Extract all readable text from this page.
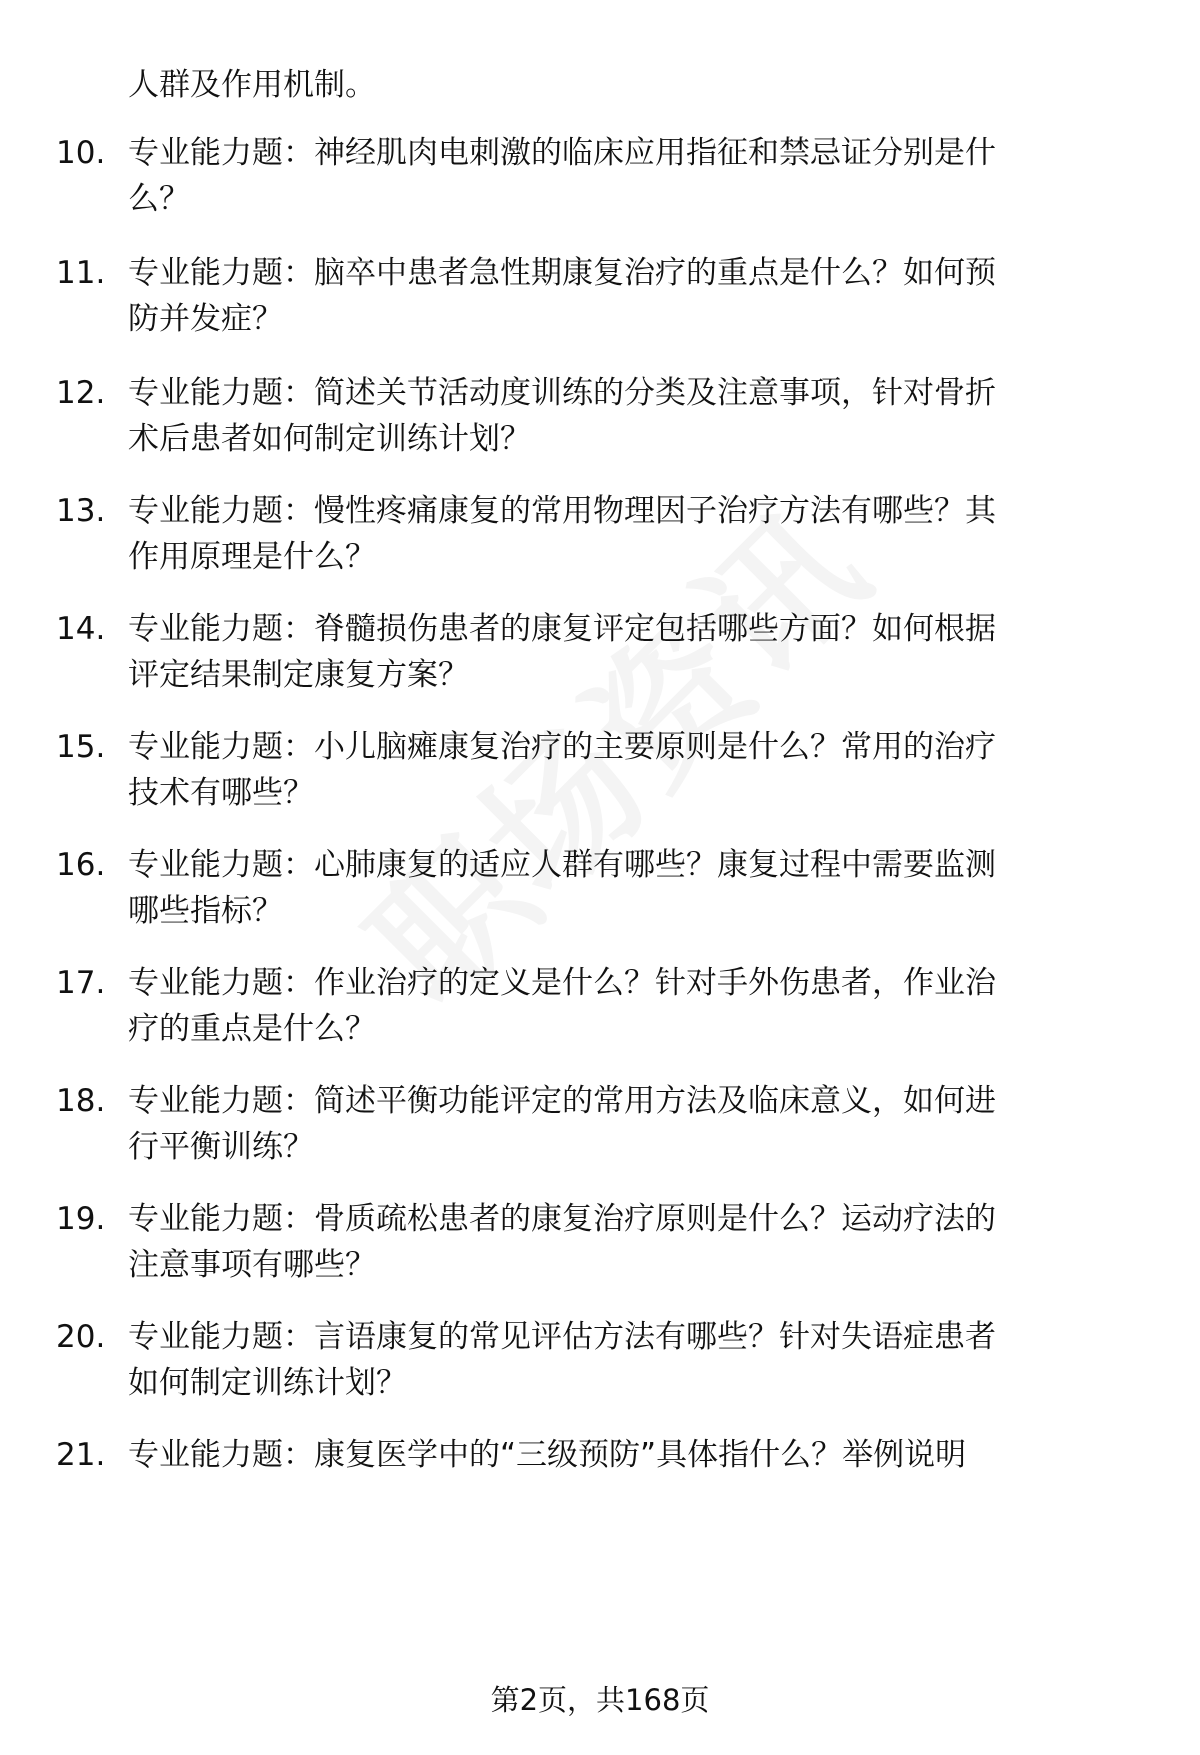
人群及作用机制。
10. 专业能力题：神经肌肉电刺激的临床应用指征和禁忌证分别是什
么？
11. 专业能力题：脑卒中患者急性期康复治疗的重点是什么？如何预
防并发症？
12. 专业能力题：简述关节活动度训练的分类及注意事项，针对骨折
术后患者如何制定训练计划？
13. 专业能力题：慢性疼痛康复的常用物理因子治疗方法有哪些？其
作用原理是什么？
14. 专业能力题：脊髓损伤患者的康复评定包括哪些方面？如何根据
评定结果制定康复方案？
15. 专业能力题：小儿脑瘫康复治疗的主要原则是什么？常用的治疗
技术有哪些？
16. 专业能力题：心肺康复的适应人群有哪些？康复过程中需要监测
哪些指标？
17. 专业能力题：作业治疗的定义是什么？针对手外伤患者，作业治
疗的重点是什么？
18. 专业能力题：简述平衡功能评定的常用方法及临床意义，如何进
行平衡训练？
19. 专业能力题：骨质疏松患者的康复治疗原则是什么？运动疗法的
注意事项有哪些？
20. 专业能力题：言语康复的常见评估方法有哪些？针对失语症患者
如何制定训练计划？
21. 专业能力题：康复医学中的“三级预防”具体指什么？举例说明
第2页，共168页
